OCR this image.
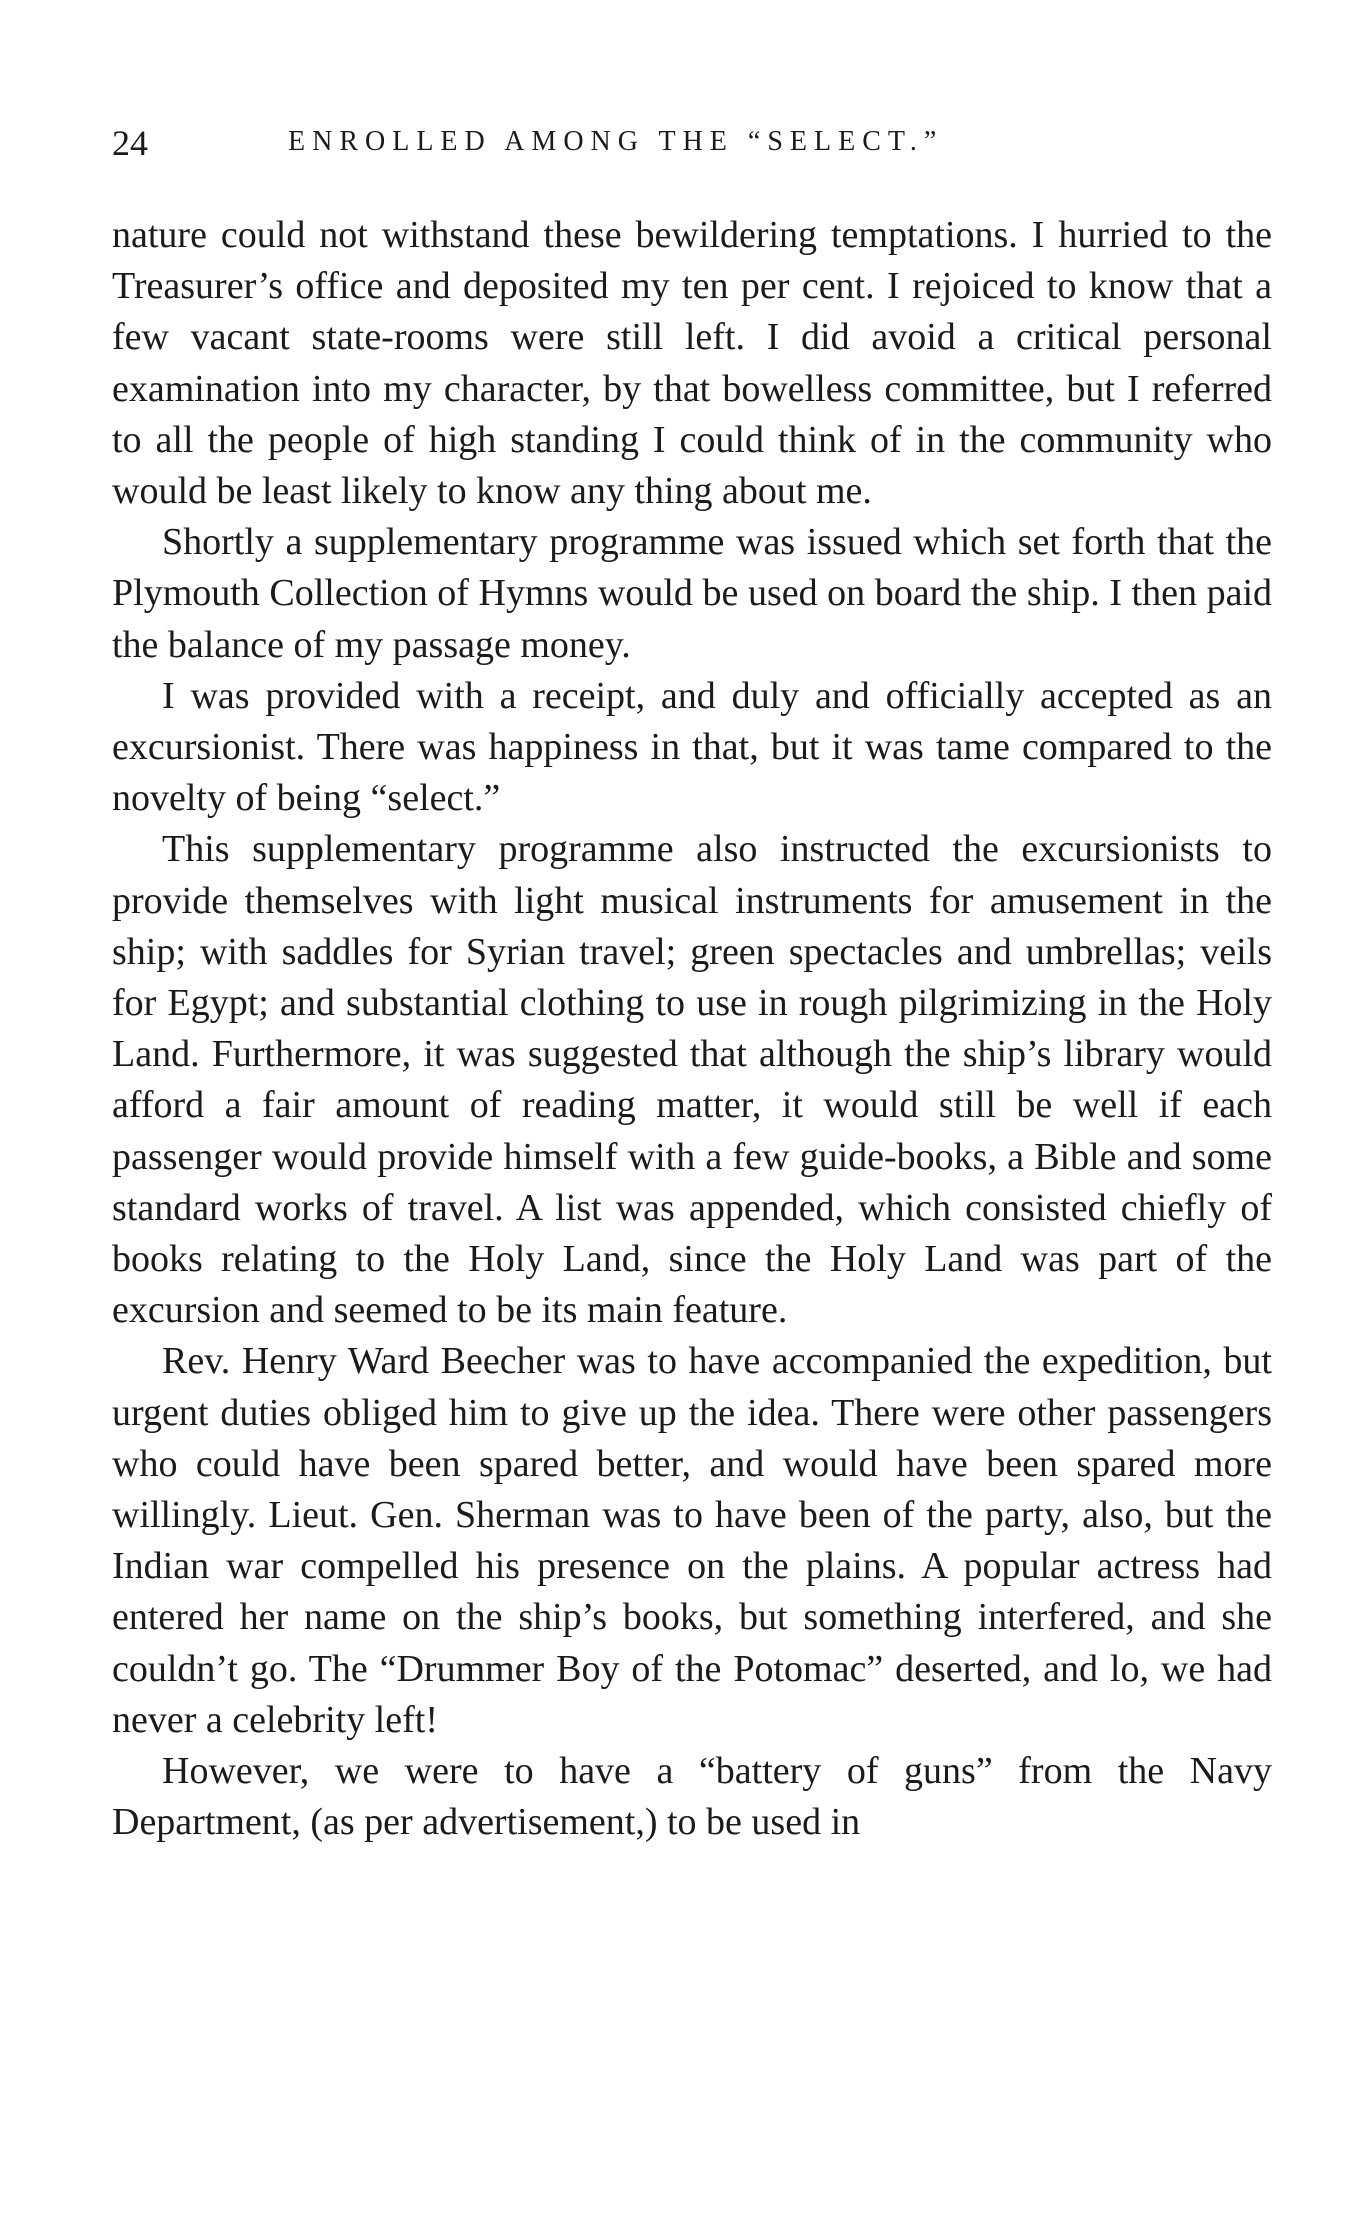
24	ENROLLED AMONG THE “SELECT.”

nature could not withstand these bewildering temptations. I hurried to the Treasurer’s office and deposited my ten per cent. I rejoiced to know that a few vacant state-rooms were still left. I did avoid a critical personal examination into my character, by that bowelless committee, but I referred to all the people of high standing I could think of in the community who would be least likely to know any thing about me.

Shortly a supplementary programme was issued which set forth that the Plymouth Collection of Hymns would be used on board the ship. I then paid the balance of my passage money.

I was provided with a receipt, and duly and officially accepted as an excursionist. There was happiness in that, but it was tame compared to the novelty of being “select.”

This supplementary programme also instructed the excursionists to provide themselves with light musical instruments for amusement in the ship; with saddles for Syrian travel; green spectacles and umbrellas; veils for Egypt; and substantial clothing to use in rough pilgrimizing in the Holy Land. Furthermore, it was suggested that although the ship’s library would afford a fair amount of reading matter, it would still be well if each passenger would provide himself with a few guide-books, a Bible and some standard works of travel. A list was appended, which consisted chiefly of books relating to the Holy Land, since the Holy Land was part of the excursion and seemed to be its main feature.

Rev. Henry Ward Beecher was to have accompanied the expedition, but urgent duties obliged him to give up the idea. There were other passengers who could have been spared better, and would have been spared more willingly. Lieut. Gen. Sherman was to have been of the party, also, but the Indian war compelled his presence on the plains. A popular actress had entered her name on the ship’s books, but something interfered, and she couldn’t go. The “Drummer Boy of the Potomac” deserted, and lo, we had never a celebrity left!

However, we were to have a “battery of guns” from the Navy Department, (as per advertisement,) to be used in
